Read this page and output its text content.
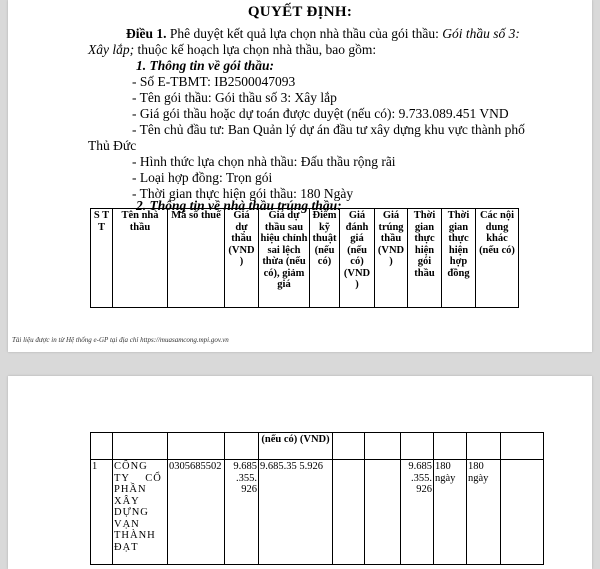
QUYẾT ĐỊNH:
Điều 1. Phê duyệt kết quả lựa chọn nhà thầu của gói thầu: Gói thầu số 3:
Xây lắp; thuộc kế hoạch lựa chọn nhà thầu, bao gồm:
1. Thông tin về gói thầu:
- Số E-TBMT: IB2500047093
- Tên gói thầu: Gói thầu số 3: Xây lắp
- Giá gói thầu hoặc dự toán được duyệt (nếu có): 9.733.089.451 VND
- Tên chủ đầu tư: Ban Quản lý dự án đầu tư xây dựng khu vực thành phố
Thủ Đức
- Hình thức lựa chọn nhà thầu: Đấu thầu rộng rãi
- Loại hợp đồng: Trọn gói
- Thời gian thực hiện gói thầu: 180 Ngày
2. Thông tin về nhà thầu trúng thầu:
S T T	Tên nhà thầu	Mã số thuế	Giá dự thầu (VND )	Giá dự thầu sau hiệu chỉnh sai lệch thừa (nếu có), giảm giá	Điểm kỹ thuật (nếu có)	Giá đánh giá (nếu có) (VND )	Giá trúng thầu (VND )	Thời gian thực hiện gói thầu	Thời gian thực hiện hợp đồng	Các nội dung khác (nếu có)
Tài liệu được in từ Hệ thống e-GP tại địa chỉ https://muasamcong.mpi.gov.vn
				(nếu có) (VND)						
1	CÔNG TY CỔ PHẦN XÂY DỰNG VẠN THÀNH ĐẠT	0305685502	9.685 .355. 926	9.685.35 5.926			9.685 .355. 926	180 ngày	180 ngày	
